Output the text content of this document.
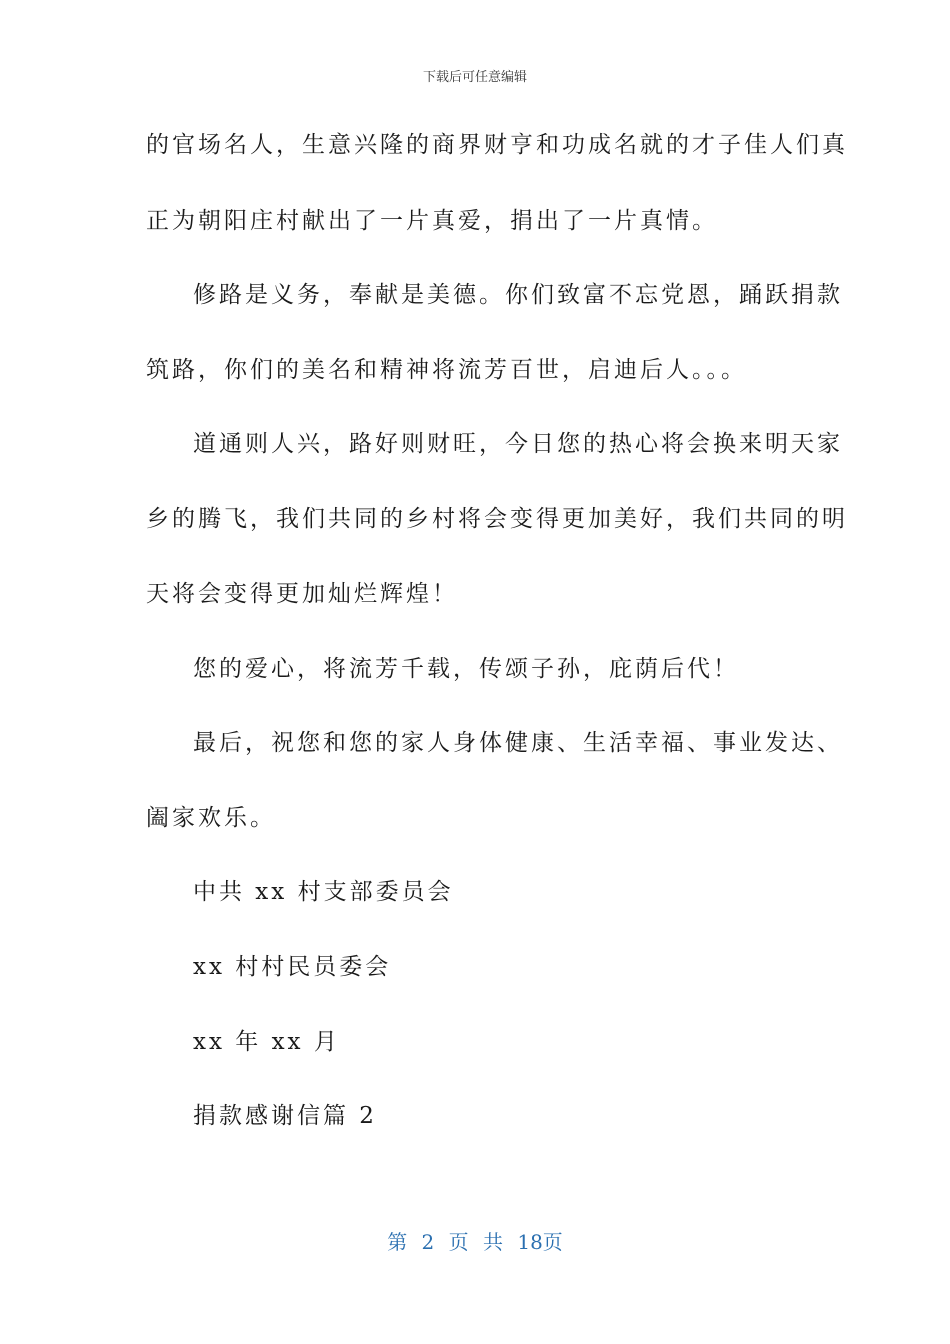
下载后可任意编辑
的官场名人，生意兴隆的商界财亨和功成名就的才子佳人们真
正为朝阳庄村献出了一片真爱，捐出了一片真情。
修路是义务，奉献是美德。你们致富不忘党恩，踊跃捐款
筑路，你们的美名和精神将流芳百世，启迪后人。。。
道通则人兴，路好则财旺，今日您的热心将会换来明天家
乡的腾飞，我们共同的乡村将会变得更加美好，我们共同的明
天将会变得更加灿烂辉煌！
您的爱心，将流芳千载，传颂子孙，庇荫后代！
最后，祝您和您的家人身体健康、生活幸福、事业发达、
阖家欢乐。
中共 xx 村支部委员会
xx 村村民员委会
xx 年 xx 月
捐款感谢信篇 2
第 2 页 共 18页
